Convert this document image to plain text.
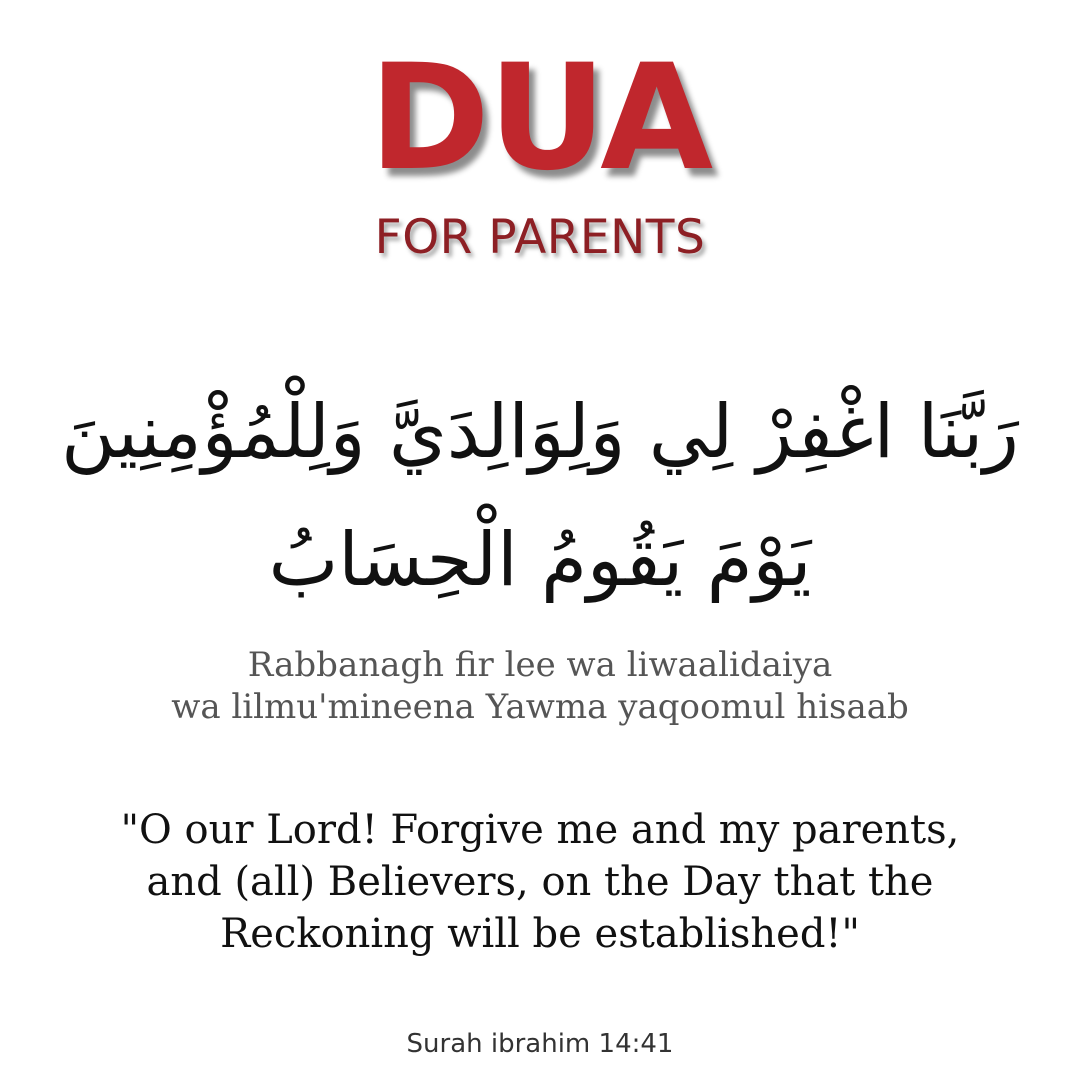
DUA
FOR PARENTS
رَبَّنَا اغْفِرْ لِي وَلِوَالِدَيَّ وَلِلْمُؤْمِنِينَ يَوْمَ يَقُومُ الْحِسَابُ
Rabbanagh fir lee wa liwaalidaiya
wa lilmu'mineena Yawma yaqoomul hisaab
"O our Lord! Forgive me and my parents,
and (all) Believers, on the Day that the
Reckoning will be established!"
Surah ibrahim 14:41
